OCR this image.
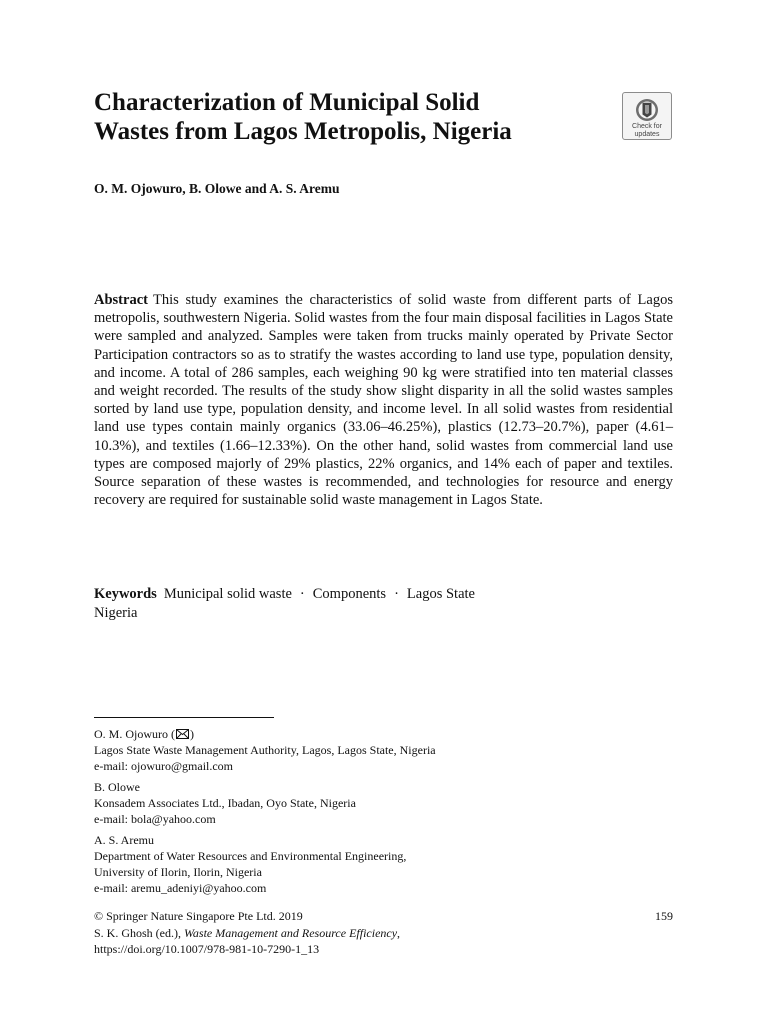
Characterization of Municipal Solid
Wastes from Lagos Metropolis, Nigeria	Check for
updates
O. M. Ojowuro, B. Olowe and A. S. Aremu

Abstract This study examines the characteristics of solid waste from different parts of Lagos metropolis, southwestern Nigeria. Solid wastes from the four main disposal facilities in Lagos State were sampled and analyzed. Samples were taken from trucks mainly operated by Private Sector Participation contractors so as to stratify the wastes according to land use type, population density, and income. A total of 286 samples, each weighing 90 kg were stratified into ten material classes and weight recorded. The results of the study show slight disparity in all the solid wastes samples sorted by land use type, population density, and income level. In all solid wastes from residential land use types contain mainly organics (33.06–46.25%), plastics (12.73–20.7%), paper (4.61–10.3%), and textiles (1.66–12.33%). On the other hand, solid wastes from commercial land use types are composed majorly of 29% plastics, 22% organics, and 14% each of paper and textiles. Source separation of these wastes is recommended, and technologies for resource and energy recovery are required for sustainable solid waste management in Lagos State.

Keywords Municipal solid waste · Components · Lagos State
Nigeria
O. M. Ojowuro ( )
Lagos State Waste Management Authority, Lagos, Lagos State, Nigeria
e-mail: ojowuro@gmail.com
B. Olowe
Konsadem Associates Ltd., Ibadan, Oyo State, Nigeria
e-mail: bola@yahoo.com
A. S. Aremu
Department of Water Resources and Environmental Engineering,
University of Ilorin, Ilorin, Nigeria
e-mail: aremu_adeniyi@yahoo.com
© Springer Nature Singapore Pte Ltd. 2019
S. K. Ghosh (ed.), Waste Management and Resource Efficiency,
https://doi.org/10.1007/978-981-10-7290-1_13
159
